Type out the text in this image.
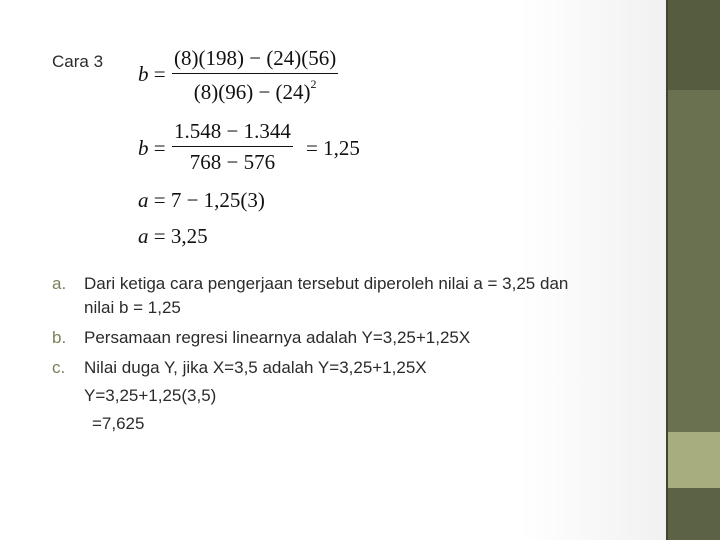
Cara 3
b =
(8)(198) − (24)(56)
$(8)(96) - (24)^2$
b =
1.548 − 1.344
768 − 576
= 1,25
a = 7 − 1,25(3)
a = 3,25
a. Dari ketiga cara pengerjaan tersebut diperoleh nilai a = 3,25 dan
nilai b = 1,25
b. Persamaan regresi linearnya adalah Y=3,25+1,25X
c. Nilai duga Y, jika X=3,5 adalah Y=3,25+1,25X
Y=3,25+1,25(3,5)
=7,625
